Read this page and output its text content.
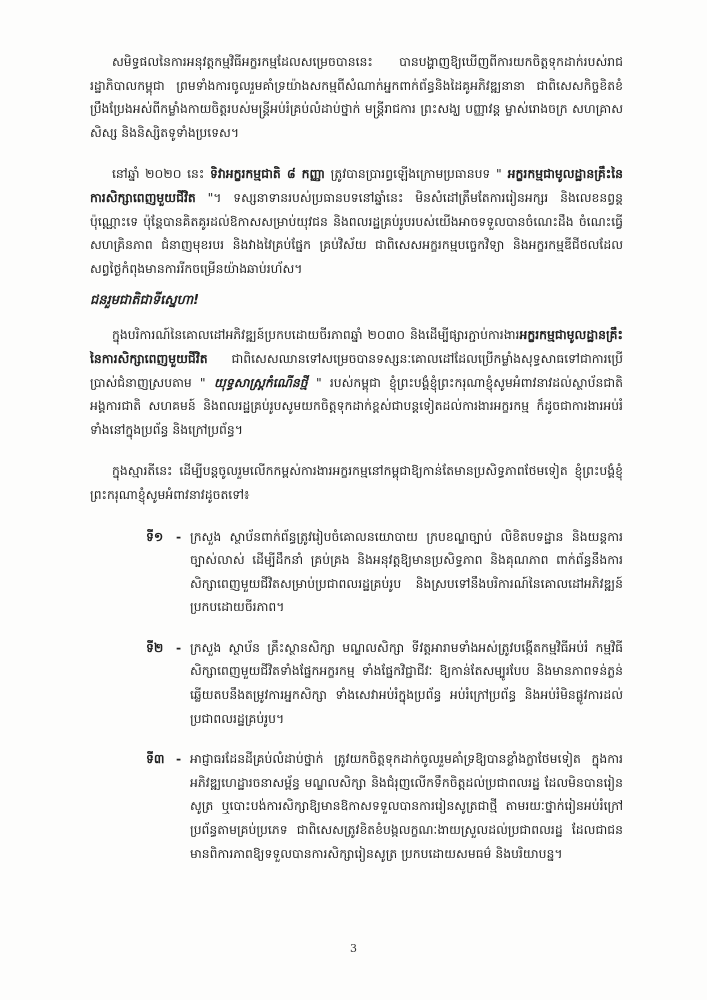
សមិទ្ធផលនៃការអនុវត្តកម្មវិធីអក្ខរកម្មដែលសម្រេចបាននេះ បានបង្ហាញឱ្យឃើញពីការយកចិត្តទុកដាក់របស់រាជរដ្ឋាភិបាលកម្ពុជា ព្រមទាំងការចូលរួមគាំទ្រយ៉ាងសកម្មពីសំណាក់អ្នកពាក់ព័ន្ធនិងដៃគូអភិវឌ្ឍនានា ជាពិសេសកិច្ចខិតខំប្រឹងប្រែងអស់ពីកម្លាំងកាយចិត្តរបស់មន្ត្រីអប់រំគ្រប់លំដាប់ថ្នាក់ មន្ត្រីរាជការ ព្រះសង្ឃ បញ្ញាវន្ត ម្ចាស់រោងចក្រ សហគ្រាស សិស្ស និងនិស្សិតទូទាំងប្រទេស។

នៅឆ្នាំ ២០២០ នេះ ទិវាអក្ខរកម្មជាតិ ៨ កញ្ញា ត្រូវបានប្រារព្ធឡើងក្រោមប្រធានបទ " អក្ខរកម្មជាមូលដ្ឋានគ្រឹះនៃការសិក្សាពេញមួយជីវិត "។ ទស្សនាទានរបស់ប្រធានបទនៅឆ្នាំនេះ មិនសំដៅត្រឹមតែការរៀនអក្សរ និងលេខនព្វន្តប៉ុណ្ណោះទេ ប៉ុន្តែបានគិតគូរដល់ឱកាសសម្រាប់យុវជន និងពលរដ្ឋគ្រប់រូបរបស់យើងអាចទទួលបានចំណេះដឹង ចំណេះធ្វើ សហគ្រិនភាព ជំនាញមុខរបរ និងវាងវៃគ្រប់ផ្នែក គ្រប់វិស័យ ជាពិសេសអក្ខរកម្មបច្ចេកវិទ្យា និងអក្ខរកម្មឌីជីថលដែលសព្វថ្ងៃកំពុងមានការរីកចម្រើនយ៉ាងឆាប់រហ័ស។

ជនរួមជាតិជាទីស្នេហា!

ក្នុងបរិការណ៍នៃគោលដៅអភិវឌ្ឍន៍ប្រកបដោយចីរភាពឆ្នាំ ២០៣០ និងដើម្បីផ្សារភ្ជាប់ការងារអក្ខរកម្មជាមូលដ្ឋានគ្រឹះនៃការសិក្សាពេញមួយជីវិត ជាពិសេសឈានទៅសម្រេចបានទស្សនៈគោលដៅដែលប្រើកម្លាំងសុទ្ធសាធទៅជាការប្រើប្រាស់ជំនាញស្របតាម " យុទ្ធសាស្ត្រកំណើនថ្មី " របស់កម្ពុជា ខ្ញុំព្រះបង្គំខ្ញុំព្រះករុណាខ្ញុំសូមអំពាវនាវដល់ស្ថាប័នជាតិ អង្គការជាតិ សហគមន៍ និងពលរដ្ឋគ្រប់រូបសូមយកចិត្តទុកដាក់ខ្ពស់ជាបន្តទៀតដល់ការងារអក្ខរកម្ម ក៏ដូចជាការងារអប់រំទាំងនៅក្នុងប្រព័ន្ធ និងក្រៅប្រព័ន្ធ។

ក្នុងស្មារតីនេះ ដើម្បីបន្តចូលរួមលើកកម្ពស់ការងារអក្ខរកម្មនៅកម្ពុជាឱ្យកាន់តែមានប្រសិទ្ធភាពថែមទៀត ខ្ញុំព្រះបង្គំខ្ញុំព្រះករុណាខ្ញុំសូមអំពាវនាវដូចតទៅ៖

ទី១	- ក្រសួង ស្ថាប័នពាក់ព័ន្ធត្រូវរៀបចំគោលនយោបាយ ក្របខណ្ឌច្បាប់ លិខិតបទដ្ឋាន និងយន្តការច្បាស់លាស់ ដើម្បីដឹកនាំ គ្រប់គ្រង និងអនុវត្តឱ្យមានប្រសិទ្ធភាព និងគុណភាព ពាក់ព័ន្ធនឹងការសិក្សាពេញមួយជីវិតសម្រាប់ប្រជាពលរដ្ឋគ្រប់រូប និងស្របទៅនឹងបរិការណ៍នៃគោលដៅអភិវឌ្ឍន៍ប្រកបដោយចីរភាព។
ទី២	- ក្រសួង ស្ថាប័ន គ្រឹះស្ថានសិក្សា មណ្ឌលសិក្សា ទីវត្តអារាមទាំងអស់ត្រូវបង្កើតកម្មវិធីអប់រំ កម្មវិធីសិក្សាពេញមួយជីវិតទាំងផ្នែកអក្ខរកម្ម ទាំងផ្នែកវិជ្ជាជីវៈ ឱ្យកាន់តែសម្បូរបែប និងមានភាពទន់ភ្លន់ឆ្លើយតបនឹងតម្រូវការអ្នកសិក្សា ទាំងសេវាអប់រំក្នុងប្រព័ន្ធ អប់រំក្រៅប្រព័ន្ធ និងអប់រំមិនផ្លូវការដល់ប្រជាពលរដ្ឋគ្រប់រូប។
ទី៣ - អាជ្ញាធរដែនដីគ្រប់លំដាប់ថ្នាក់ ត្រូវយកចិត្តទុកដាក់ចូលរួមគាំទ្រឱ្យបានខ្លាំងក្លាថែមទៀត ក្នុងការអភិវឌ្ឍហេដ្ឋារចនាសម្ព័ន្ធ មណ្ឌលសិក្សា និងជំរុញលើកទឹកចិត្តដល់ប្រជាពលរដ្ឋ ដែលមិនបានរៀនសូត្រ ឬបោះបង់ការសិក្សាឱ្យមានឱកាសទទួលបានការរៀនសូត្រជាថ្មី តាមរយៈថ្នាក់រៀនអប់រំក្រៅប្រព័ន្ធតាមគ្រប់ប្រភេទ ជាពិសេសត្រូវខិតខំបង្កលក្ខណៈងាយស្រួលដល់ប្រជាពលរដ្ឋ ដែលជាជនមានពិការភាពឱ្យទទួលបានការសិក្សារៀនសូត្រ ប្រកបដោយសមធម៌ និងបរិយាបន្ន។
3
